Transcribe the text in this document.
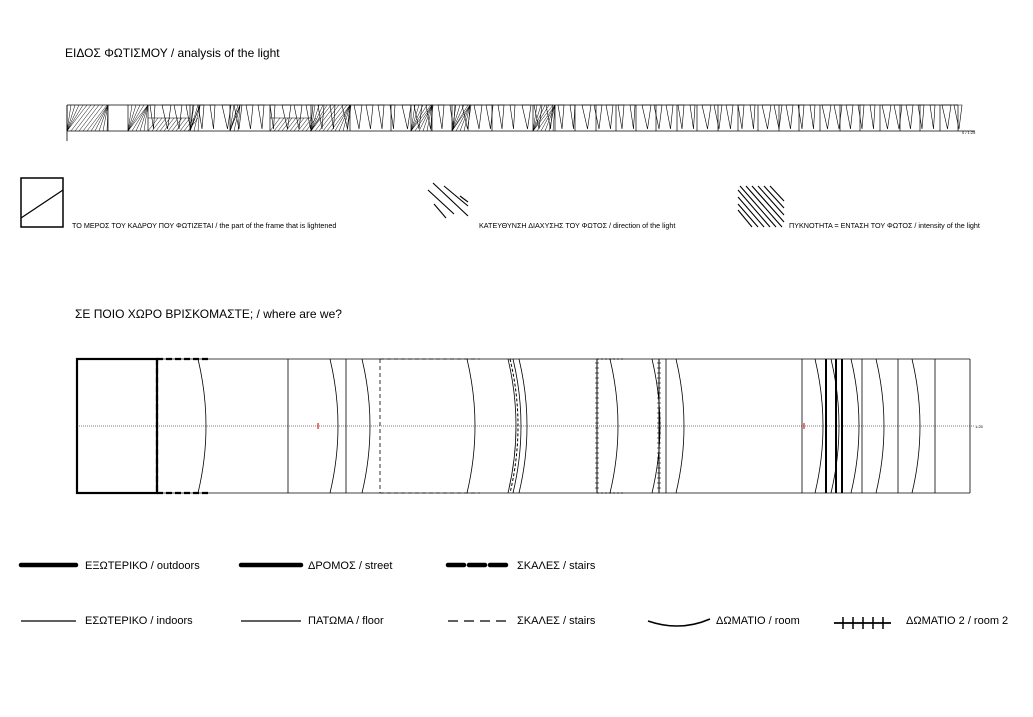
ΕΙΔΟΣ ΦΩΤΙΣΜΟΥ / analysis of the light
0 / 1:25
ΤΟ ΜΕΡΟΣ ΤΟΥ ΚΑΔΡΟΥ ΠΟΥ ΦΩΤΙΖΕΤΑΙ / the part of the frame that is lightened	ΚΑΤΕΥΘΥΝΣΗ ΔΙΑΧΥΣΗΣ ΤΟΥ ΦΩΤΟΣ / direction of the light	ΠΥΚΝΟΤΗΤΑ = ΕΝΤΑΣΗ ΤΟΥ ΦΩΤΟΣ / intensity of the light
ΣΕ ΠΟΙΟ ΧΩΡΟ ΒΡΙΣΚΟΜΑΣΤΕ; / where are we?
1:25
ΕΞΩΤΕΡΙΚΟ / outdoors	ΔΡΟΜΟΣ / street	ΣΚΑΛΕΣ / stairs
ΕΣΩΤΕΡΙΚΟ / indoors	ΠΑΤΩΜΑ / floor	ΣΚΑΛΕΣ / stairs	ΔΩΜΑΤΙΟ / room	ΔΩΜΑΤΙΟ 2 / room 2
